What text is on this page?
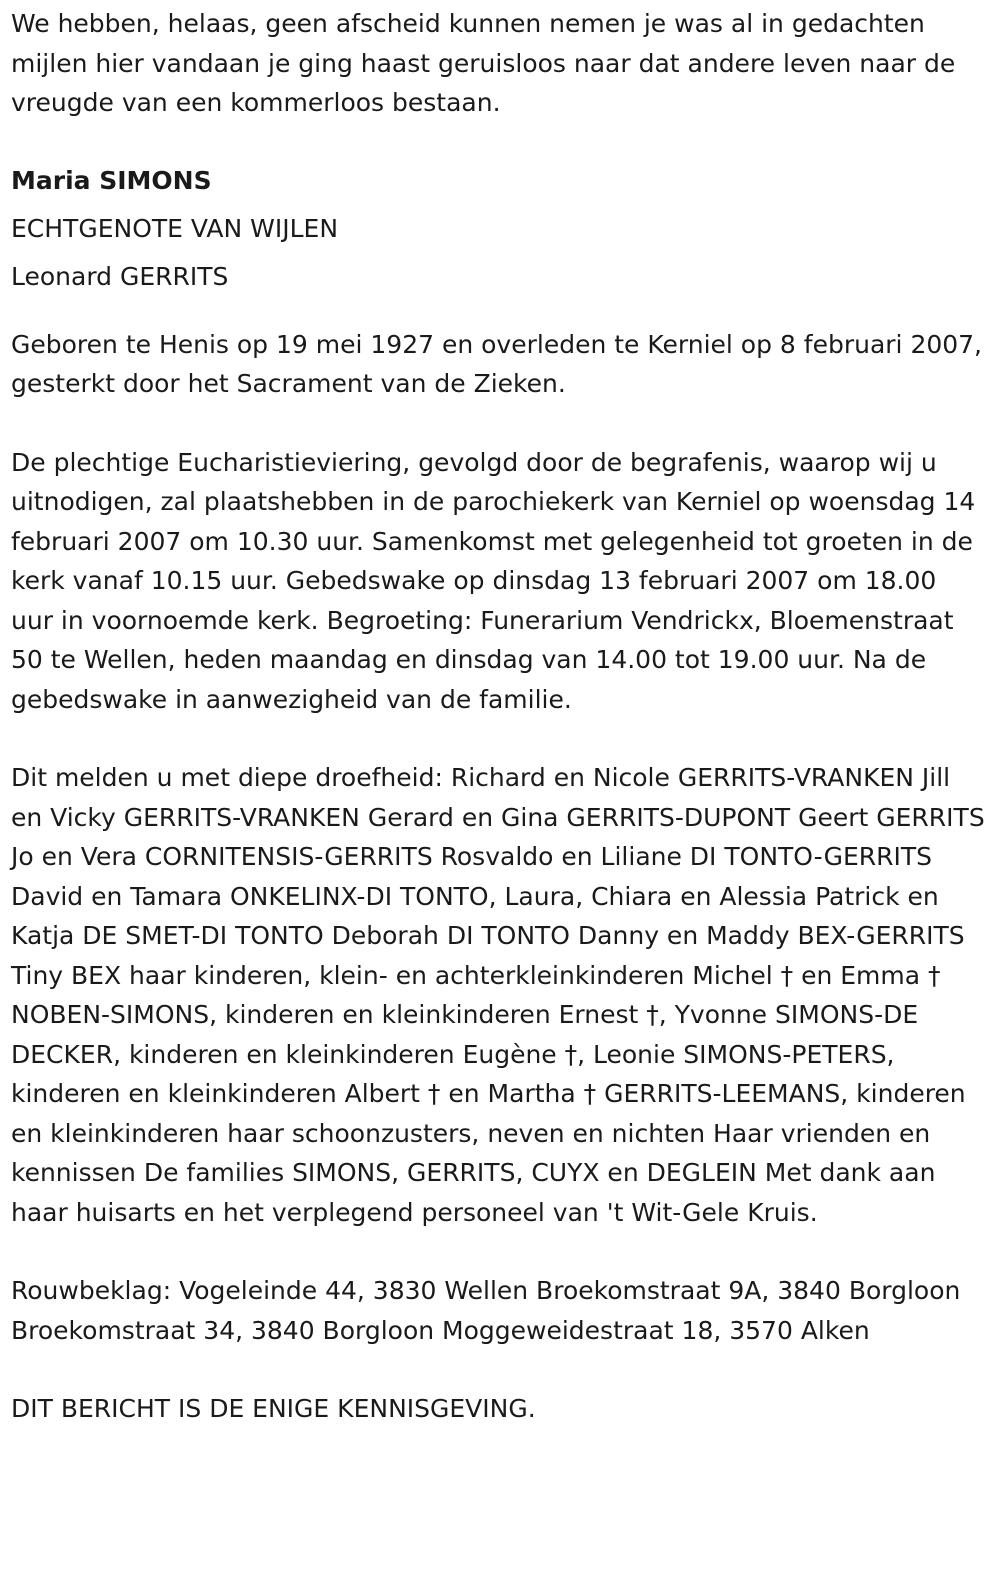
We hebben, helaas, geen afscheid kunnen nemen je was al in gedachten mijlen hier vandaan je ging haast geruisloos naar dat andere leven naar de vreugde van een kommerloos bestaan.

Maria SIMONS

ECHTGENOTE VAN WIJLEN

Leonard GERRITS

Geboren te Henis op 19 mei 1927 en overleden te Kerniel op 8 februari 2007, gesterkt door het Sacrament van de Zieken.

De plechtige Eucharistieviering, gevolgd door de begrafenis, waarop wij u uitnodigen, zal plaatshebben in de parochiekerk van Kerniel op woensdag 14 februari 2007 om 10.30 uur. Samenkomst met gelegenheid tot groeten in de kerk vanaf 10.15 uur. Gebedswake op dinsdag 13 februari 2007 om 18.00 uur in voornoemde kerk. Begroeting: Funerarium Vendrickx, Bloemenstraat 50 te Wellen, heden maandag en dinsdag van 14.00 tot 19.00 uur. Na de gebedswake in aanwezigheid van de familie.

Dit melden u met diepe droefheid: Richard en Nicole GERRITS-VRANKEN Jill en Vicky GERRITS-VRANKEN Gerard en Gina GERRITS-DUPONT Geert GERRITS Jo en Vera CORNITENSIS-GERRITS Rosvaldo en Liliane DI TONTO-GERRITS David en Tamara ONKELINX-DI TONTO, Laura, Chiara en Alessia Patrick en Katja DE SMET-DI TONTO Deborah DI TONTO Danny en Maddy BEX-GERRITS Tiny BEX haar kinderen, klein- en achterkleinkinderen Michel † en Emma † NOBEN-SIMONS, kinderen en kleinkinderen Ernest †, Yvonne SIMONS-DE DECKER, kinderen en kleinkinderen Eugène †, Leonie SIMONS-PETERS, kinderen en kleinkinderen Albert † en Martha † GERRITS-LEEMANS, kinderen en kleinkinderen haar schoonzusters, neven en nichten Haar vrienden en kennissen De families SIMONS, GERRITS, CUYX en DEGLEIN Met dank aan haar huisarts en het verplegend personeel van 't Wit-Gele Kruis.

Rouwbeklag: Vogeleinde 44, 3830 Wellen Broekomstraat 9A, 3840 Borgloon Broekomstraat 34, 3840 Borgloon Moggeweidestraat 18, 3570 Alken

DIT BERICHT IS DE ENIGE KENNISGEVING.
